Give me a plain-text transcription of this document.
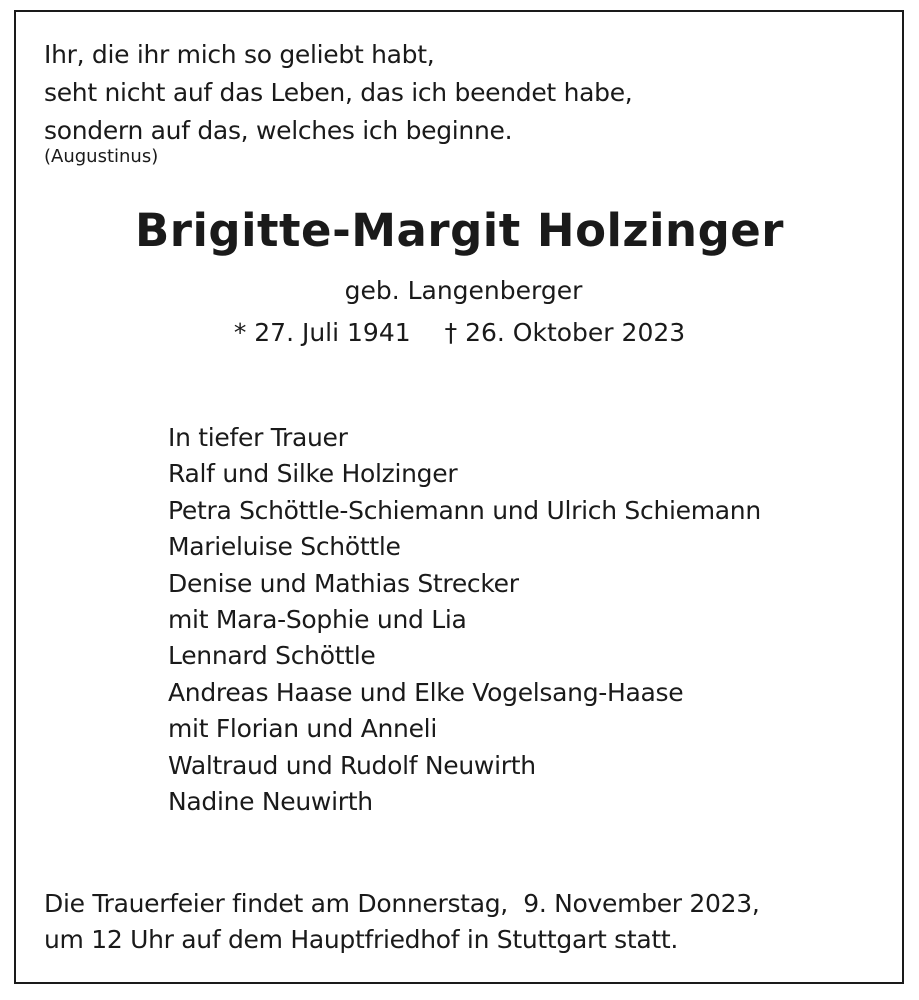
Ihr, die ihr mich so geliebt habt,
seht nicht auf das Leben, das ich beendet habe,
sondern auf das, welches ich beginne.
(Augustinus)
Brigitte-Margit Holzinger
geb. Langenberger
* 27. Juli 1941 † 26. Oktober 2023
In tiefer Trauer
Ralf und Silke Holzinger
Petra Schöttle-Schiemann und Ulrich Schiemann
Marieluise Schöttle
Denise und Mathias Strecker
mit Mara-Sophie und Lia
Lennard Schöttle
Andreas Haase und Elke Vogelsang-Haase
mit Florian und Anneli
Waltraud und Rudolf Neuwirth
Nadine Neuwirth
Die Trauerfeier findet am Donnerstag,  9. November 2023,
um 12 Uhr auf dem Hauptfriedhof in Stuttgart statt.
